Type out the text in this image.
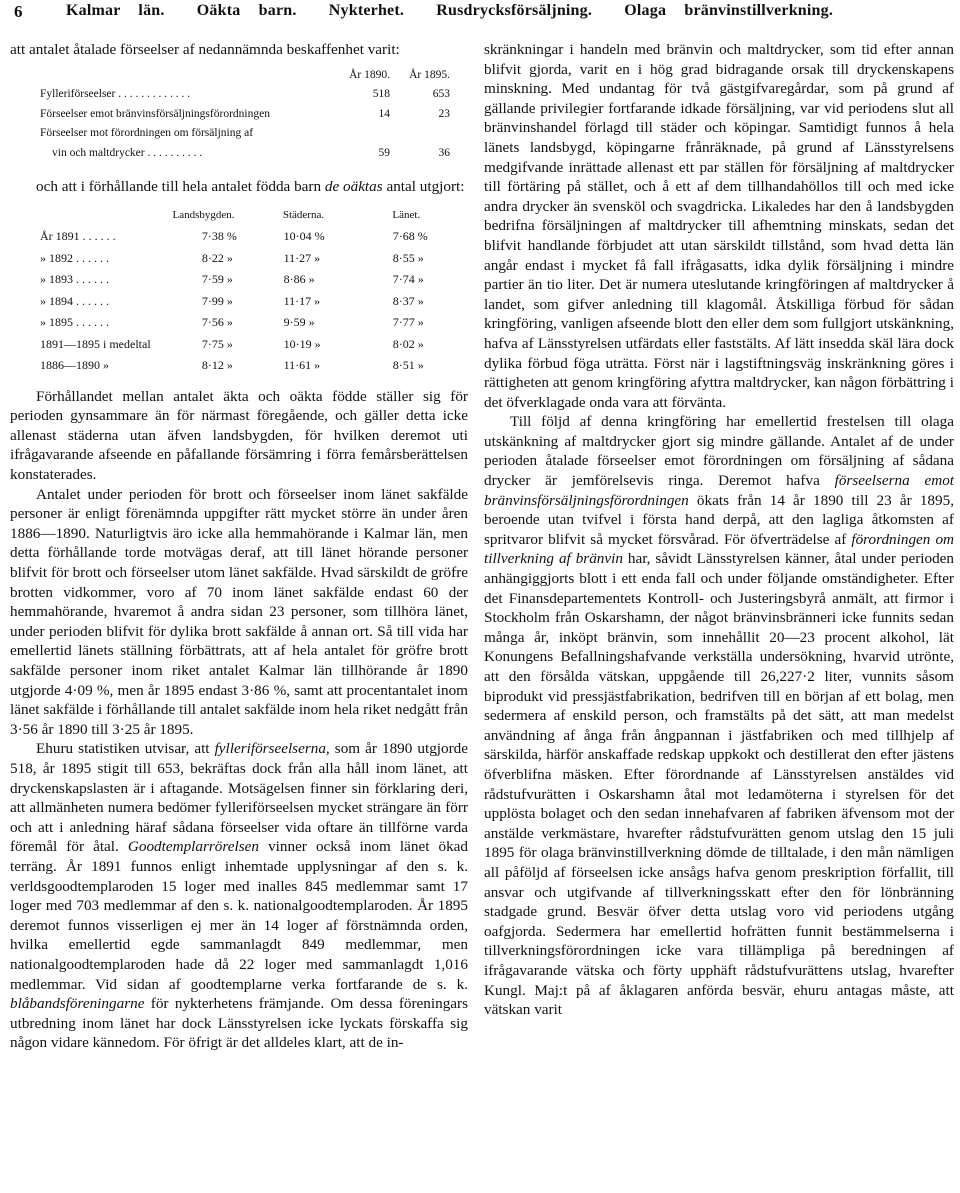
6	Kalmar län. Oäkta barn. Nykterhet. Rusdrycksförsäljning. Olaga bränvinstillverkning.

att antalet åtalade förseelser af nedannämnda beskaffenhet varit:

År 1890.	År 1895.
Fylleriförseelser . . . . . . . . . . . . .	518	653
Förseelser emot bränvinsförsäljningsförordningen	14	23
Förseelser mot förordningen om försäljning af
vin och maltdrycker . . . . . . . . . .	59	36

och att i förhållande till hela antalet födda barn de oäktas antal utgjort:

Landsbygden.	Städerna.	Länet.
År 1891 . . . . . .	7·38 %	10·04 %	7·68 %
» 1892 . . . . . .	8·22 »	11·27 »	8·55 »
» 1893 . . . . . .	7·59 »	8·86 »	7·74 »
» 1894 . . . . . .	7·99 »	11·17 »	8·37 »
» 1895 . . . . . .	7·56 »	9·59 »	7·77 »
1891—1895 i medeltal	7·75 »	10·19 »	8·02 »
1886—1890 »	8·12 »	11·61 »	8·51 »

Förhållandet mellan antalet äkta och oäkta födde ställer sig för perioden gynsammare än för närmast föregående, och gäller detta icke allenast städerna utan äfven landsbygden, för hvilken deremot uti ifrågavarande afseende en påfallande försämring i förra femårsberättelsen konstaterades.

Antalet under perioden för brott och förseelser inom länet sakfälde personer är enligt förenämnda uppgifter rätt mycket större än under åren 1886—1890. Naturligtvis äro icke alla hemmahörande i Kalmar län, men detta förhållande torde motvägas deraf, att till länet hörande personer blifvit för brott och förseelser utom länet sakfälde. Hvad särskildt de gröfre brotten vidkommer, voro af 70 inom länet sakfälde endast 60 der hemmahörande, hvaremot å andra sidan 23 personer, som tillhöra länet, under perioden blifvit för dylika brott sakfälde å annan ort. Så till vida har emellertid länets ställning förbättrats, att af hela antalet för gröfre brott sakfälde personer inom riket antalet Kalmar län tillhörande år 1890 utgjorde 4·09 %, men år 1895 endast 3·86 %, samt att procentantalet inom länet sakfälde i förhållande till antalet sakfälde inom hela riket nedgått från 3·56 år 1890 till 3·25 år 1895.

Ehuru statistiken utvisar, att fylleriförseelserna, som år 1890 utgjorde 518, år 1895 stigit till 653, bekräftas dock från alla håll inom länet, att dryckenskapslasten är i aftagande. Motsägelsen finner sin förklaring deri, att allmänheten numera bedömer fylleriförseelsen mycket strängare än förr och att i anledning häraf sådana förseelser vida oftare än tillförne varda föremål för åtal. Goodtemplarrörelsen vinner också inom länet ökad terräng. År 1891 funnos enligt inhemtade upplysningar af den s. k. verldsgoodtemplaroden 15 loger med inalles 845 medlemmar samt 17 loger med 703 medlemmar af den s. k. nationalgoodtemplaroden. År 1895 deremot funnos visserligen ej mer än 14 loger af förstnämnda orden, hvilka emellertid egde sammanlagdt 849 medlemmar, men nationalgoodtemplaroden hade då 22 loger med sammanlagdt 1,016 medlemmar. Vid sidan af goodtemplarne verka fortfarande de s. k. blåbandsföreningarne för nykterhetens främjande. Om dessa föreningars utbredning inom länet har dock Länsstyrelsen icke lyckats förskaffa sig någon vidare kännedom. För öfrigt är det alldeles klart, att de in-

skränkningar i handeln med bränvin och maltdrycker, som tid efter annan blifvit gjorda, varit en i hög grad bidragande orsak till dryckenskapens minskning. Med undantag för två gästgifvaregårdar, som på grund af gällande privilegier fortfarande idkade försäljning, var vid periodens slut all bränvinshandel förlagd till städer och köpingar. Samtidigt funnos å hela länets landsbygd, köpingarne frånräknade, på grund af Länsstyrelsens medgifvande inrättade allenast ett par ställen för försäljning af maltdrycker till förtäring på stället, och å ett af dem tillhandahöllos till och med icke andra drycker än svensköl och svagdricka. Likaledes har den å landsbygden bedrifna försäljningen af maltdrycker till afhemtning minskats, sedan det blifvit handlande förbjudet att utan särskildt tillstånd, som hvad detta län angår endast i mycket få fall ifrågasatts, idka dylik försäljning i mindre partier än tio liter. Det är numera uteslutande kringföringen af maltdrycker å landet, som gifver anledning till klagomål. Åtskilliga förbud för sådan kringföring, vanligen afseende blott den eller dem som fullgjort utskänkning, hafva af Länsstyrelsen utfärdats eller faststälts. Af lätt insedda skäl lära dock dylika förbud föga uträtta. Först när i lagstiftningsväg inskränkning göres i rättigheten att genom kringföring afyttra maltdrycker, kan någon förbättring i det öfverklagade onda vara att förvänta.

Till följd af denna kringföring har emellertid frestelsen till olaga utskänkning af maltdrycker gjort sig mindre gällande. Antalet af de under perioden åtalade förseelser emot förordningen om försäljning af sådana drycker är jemförelsevis ringa. Deremot hafva förseelserna emot bränvinsförsäljningsförordningen ökats från 14 år 1890 till 23 år 1895, beroende utan tvifvel i första hand derpå, att den lagliga åtkomsten af spritvaror blifvit så mycket försvårad. För öfverträdelse af förordningen om tillverkning af bränvin har, såvidt Länsstyrelsen känner, åtal under perioden anhängiggjorts blott i ett enda fall och under följande omständigheter. Efter det Finansdepartementets Kontroll- och Justeringsbyrå anmält, att firmor i Stockholm från Oskarshamn, der något bränvinsbränneri icke funnits sedan många år, inköpt bränvin, som innehållit 20—23 procent alkohol, lät Konungens Befallningshafvande verkställa undersökning, hvarvid utrönte, att den försålda vätskan, uppgående till 26,227·2 liter, vunnits såsom biprodukt vid pressjästfabrikation, bedrifven till en början af ett bolag, men sedermera af enskild person, och framstälts på det sätt, att man medelst användning af ånga från ångpannan i jästfabriken och med tillhjelp af särskilda, härför anskaffade redskap uppkokt och destillerat den efter jästens öfverblifna mäsken. Efter förordnande af Länsstyrelsen anstäldes vid rådstufvurätten i Oskarshamn åtal mot ledamöterna i styrelsen för det upplösta bolaget och den sedan innehafvaren af fabriken äfvensom mot der anstälde verkmästare, hvarefter rådstufvurätten genom utslag den 15 juli 1895 för olaga bränvinstillverkning dömde de tilltalade, i den mån nämligen all påföljd af förseelsen icke ansågs hafva genom preskription förfallit, till ansvar och utgifvande af tillverkningsskatt efter den för lönbränning stadgade grund. Besvär öfver detta utslag voro vid periodens utgång oafgjorda. Sedermera har emellertid hofrätten funnit bestämmelserna i tillverkningsförordningen icke vara tillämpliga på beredningen af ifrågavarande vätska och förty upphäft rådstufvurättens utslag, hvarefter Kungl. Maj:t på af åklagaren anförda besvär, ehuru antagas måste, att vätskan varit
